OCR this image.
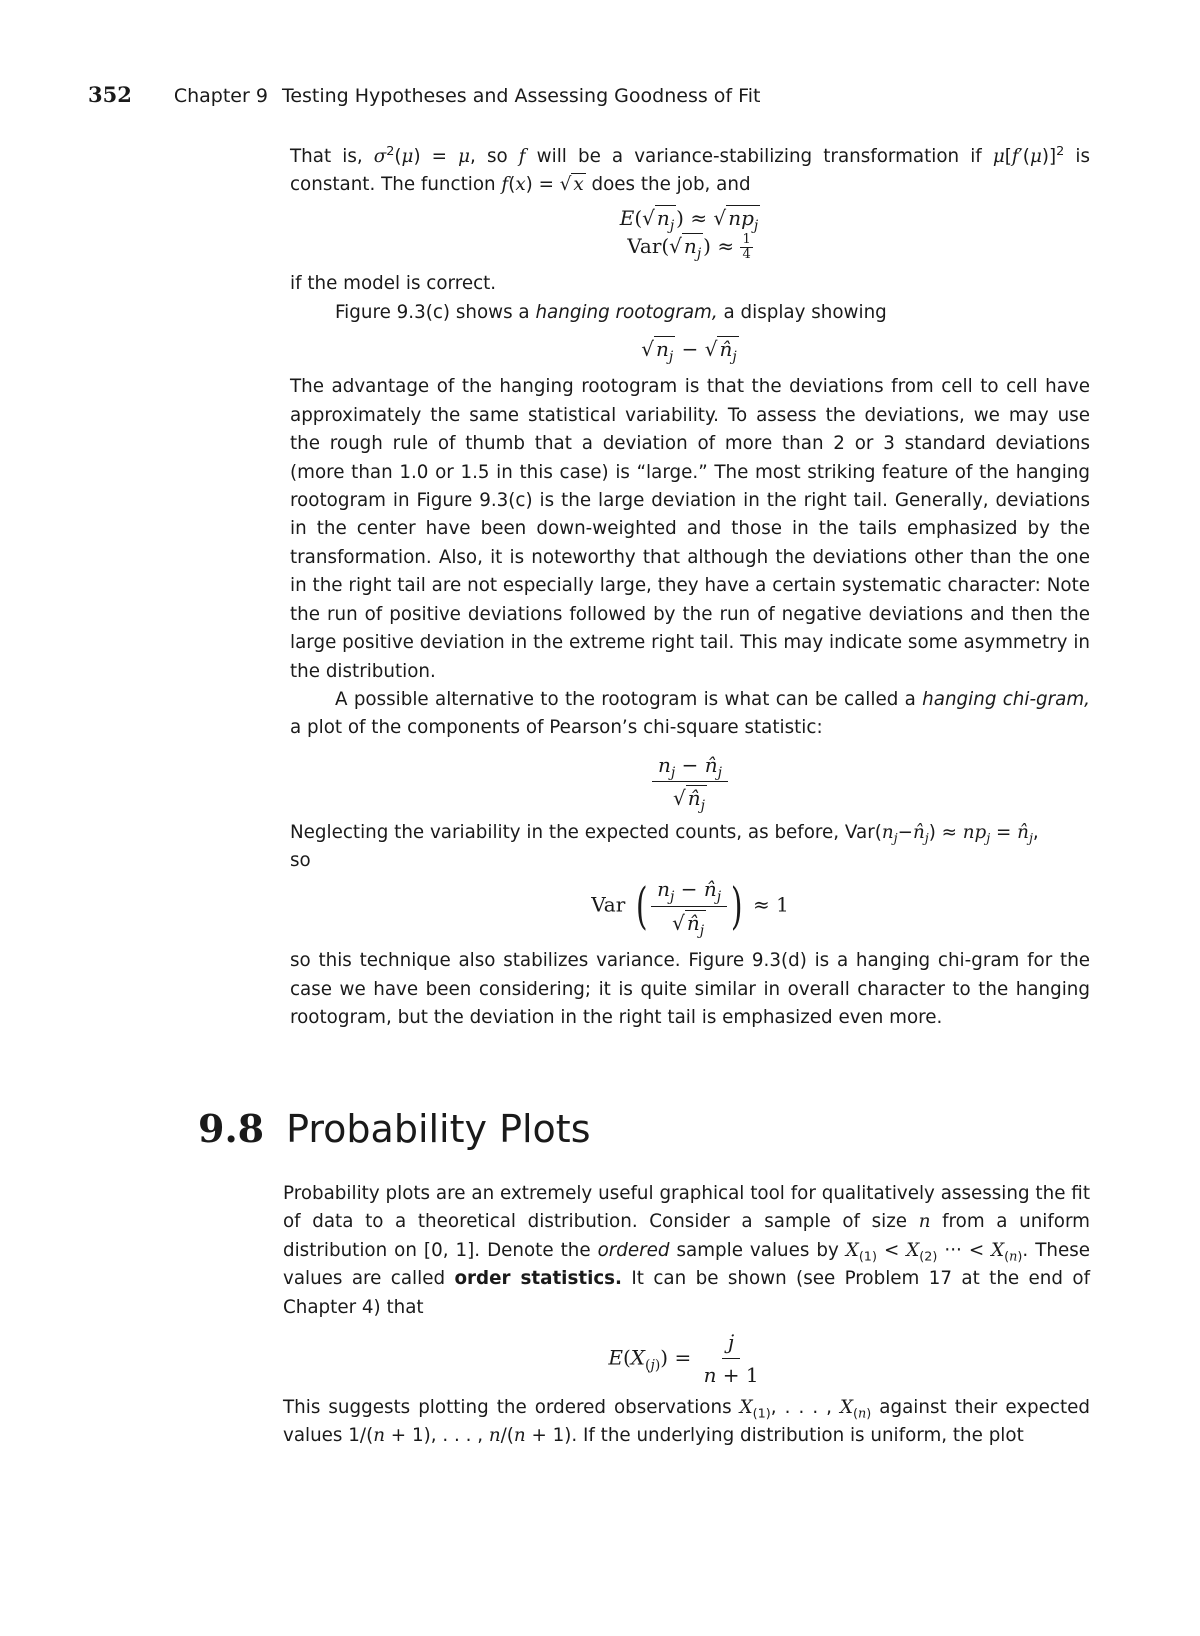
352 Chapter 9 Testing Hypotheses and Assessing Goodness of Fit

That is, $\sigma^2(\mu) = \mu$, so f will be a variance-stabilizing transformation if $\mu[f'(\mu)]^2$ is constant. The function f(x) = √ x does the job, and

E(√ $n_j$ ) ≈ √ $np_j$
Var(√ $n_j$ ) ≈ $\frac{1}{4}$

if the model is correct.

Figure 9.3(c) shows a hanging rootogram, a display showing

√ $n_j$ − √ $n̂_j$

The advantage of the hanging rootogram is that the deviations from cell to cell have approximately the same statistical variability. To assess the deviations, we may use the rough rule of thumb that a deviation of more than 2 or 3 standard deviations (more than 1.0 or 1.5 in this case) is “large.” The most striking feature of the hanging rootogram in Figure 9.3(c) is the large deviation in the right tail. Generally, deviations in the center have been down-weighted and those in the tails emphasized by the transformation. Also, it is noteworthy that although the deviations other than the one in the right tail are not especially large, they have a certain systematic character: Note the run of positive deviations followed by the run of negative deviations and then the large positive deviation in the extreme right tail. This may indicate some asymmetry in the distribution.

A possible alternative to the rootogram is what can be called a hanging chi-gram, a plot of the components of Pearson’s chi-square statistic:

$\frac{n_j - n̂_j}{√ n̂_j}$

Neglecting the variability in the expected counts, as before, $Var(n_j-n̂_j) \approx np_j$ = $n̂_j$,
so

Var ( $\frac{n_j - n̂_j}{√ n̂_j}$ ) ≈ 1

so this technique also stabilizes variance. Figure 9.3(d) is a hanging chi-gram for the case we have been considering; it is quite similar in overall character to the hanging rootogram, but the deviation in the right tail is emphasized even more.

9.8 Probability Plots

Probability plots are an extremely useful graphical tool for qualitatively assessing the fit of data to a theoretical distribution. Consider a sample of size n from a uniform distribution on [0, 1]. Denote the ordered sample values by $X_{(1)} < X_{(2)}$ ··· < $X_{(n)}$. These values are called order statistics. It can be shown (see Problem 17 at the end of Chapter 4) that

$E(X_{(j)}) = \frac{j}{n + 1}$

This suggests plotting the ordered observations $X_{(1)}$, . . . , $X_{(n)}$ against their expected values 1/(n + 1), . . . , n/(n + 1). If the underlying distribution is uniform, the plot
